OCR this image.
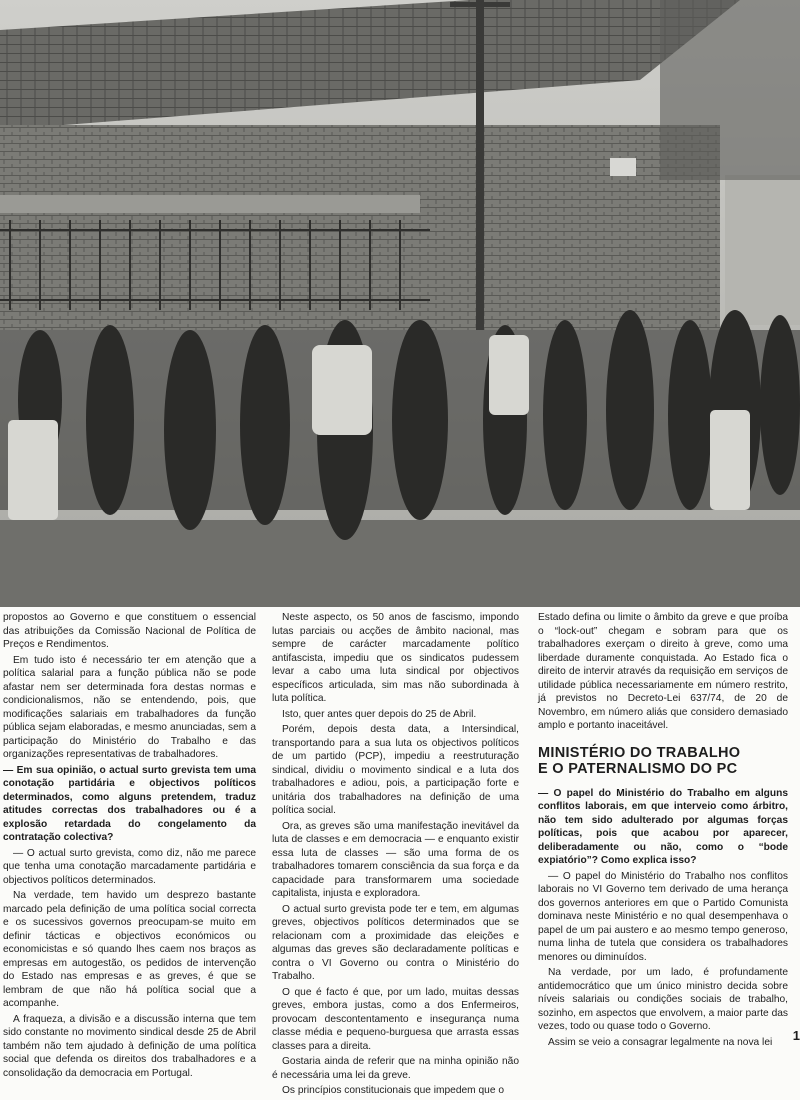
propostos ao Governo e que constituem o essencial das atribuições da Comissão Nacional de Política de Preços e Rendimentos.

Em tudo isto é necessário ter em atenção que a política salarial para a função pública não se pode afastar nem ser determinada fora destas normas e condicionalismos, não se entendendo, pois, que modificações salariais em trabalhadores da função pública sejam elaboradas, e mesmo anunciadas, sem a participação do Ministério do Trabalho e das organizações representativas de trabalhadores.

— Em sua opinião, o actual surto grevista tem uma conotação partidária e objectivos políticos determinados, como alguns pretendem, traduz atitudes correctas dos trabalhadores ou é a explosão retardada do congelamento da contratação colectiva?

— O actual surto grevista, como diz, não me parece que tenha uma conotação marcadamente partidária e objectivos políticos determinados.

Na verdade, tem havido um desprezo bastante marcado pela definição de uma política social correcta e os sucessivos governos preocupam-se muito em definir tácticas e objectivos económicos ou economicistas e só quando lhes caem nos braços as empresas em autogestão, os pedidos de intervenção do Estado nas empresas e as greves, é que se lembram de que não há política social que a acompanhe.

A fraqueza, a divisão e a discussão interna que tem sido constante no movimento sindical desde 25 de Abril também não tem ajudado à definição de uma política social que defenda os direitos dos trabalhadores e a consolidação da democracia em Portugal.

Neste aspecto, os 50 anos de fascismo, impondo lutas parciais ou acções de âmbito nacional, mas sempre de carácter marcadamente político antifascista, impediu que os sindicatos pudessem levar a cabo uma luta sindical por objectivos específicos articulada, sim mas não subordinada à luta política.

Isto, quer antes quer depois do 25 de Abril.

Porém, depois desta data, a Intersindical, transportando para a sua luta os objectivos políticos de um partido (PCP), impediu a reestruturação sindical, dividiu o movimento sindical e a luta dos trabalhadores e adiou, pois, a participação forte e unitária dos trabalhadores na definição de uma política social.

Ora, as greves são uma manifestação inevitável da luta de classes e em democracia — e enquanto existir essa luta de classes — são uma forma de os trabalhadores tomarem consciência da sua força e da capacidade para transformarem uma sociedade capitalista, injusta e exploradora.

O actual surto grevista pode ter e tem, em algumas greves, objectivos políticos determinados que se relacionam com a proximidade das eleições e algumas das greves são declaradamente políticas e contra o VI Governo ou contra o Ministério do Trabalho.

O que é facto é que, por um lado, muitas dessas greves, embora justas, como a dos Enfermeiros, provocam descontentamento e insegurança numa classe média e pequeno-burguesa que arrasta essas classes para a direita.

Gostaria ainda de referir que na minha opinião não é necessária uma lei da greve.

Os princípios constitucionais que impedem que o

Estado defina ou limite o âmbito da greve e que proíba o “lock-out” chegam e sobram para que os trabalhadores exerçam o direito à greve, como uma liberdade duramente conquistada. Ao Estado fica o direito de intervir através da requisição em serviços de utilidade pública necessariamente em número restrito, já previstos no Decreto-Lei 637/74, de 20 de Novembro, em número aliás que considero demasiado amplo e portanto inaceitável.

MINISTÉRIO DO TRABALHO
E O PATERNALISMO DO PC

— O papel do Ministério do Trabalho em alguns conflitos laborais, em que interveio como árbitro, não tem sido adulterado por algumas forças políticas, pois que acabou por aparecer, deliberadamente ou não, como o “bode expiatório”? Como explica isso?

— O papel do Ministério do Trabalho nos conflitos laborais no VI Governo tem derivado de uma herança dos governos anteriores em que o Partido Comunista dominava neste Ministério e no qual desempenhava o papel de um pai austero e ao mesmo tempo generoso, numa linha de tutela que considera os trabalhadores menores ou diminuídos.

Na verdade, por um lado, é profundamente antidemocrático que um único ministro decida sobre níveis salariais ou condições sociais de trabalho, sozinho, em aspectos que envolvem, a maior parte das vezes, todo ou quase todo o Governo.

Assim se veio a consagrar legalmente na nova lei	1
